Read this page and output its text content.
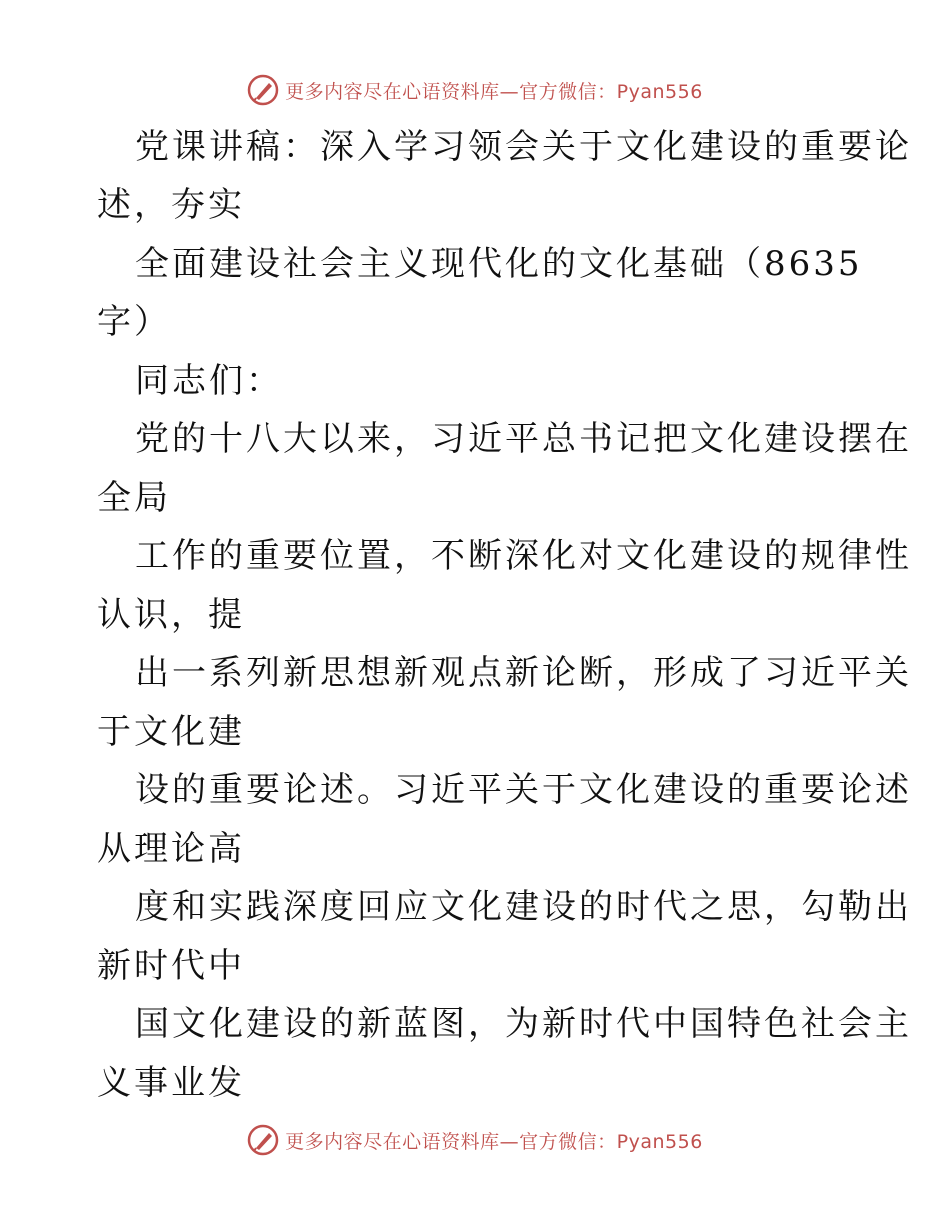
更多内容尽在心语资料库—官方微信：Pyan556
党课讲稿：深入学习领会关于文化建设的重要论
述，夯实
全面建设社会主义现代化的文化基础（8635
字）
同志们：
党的十八大以来，习近平总书记把文化建设摆在
全局
工作的重要位置，不断深化对文化建设的规律性
认识，提
出一系列新思想新观点新论断，形成了习近平关
于文化建
设的重要论述。习近平关于文化建设的重要论述
从理论高
度和实践深度回应文化建设的时代之思，勾勒出
新时代中
国文化建设的新蓝图，为新时代中国特色社会主
义事业发
更多内容尽在心语资料库—官方微信：Pyan556
